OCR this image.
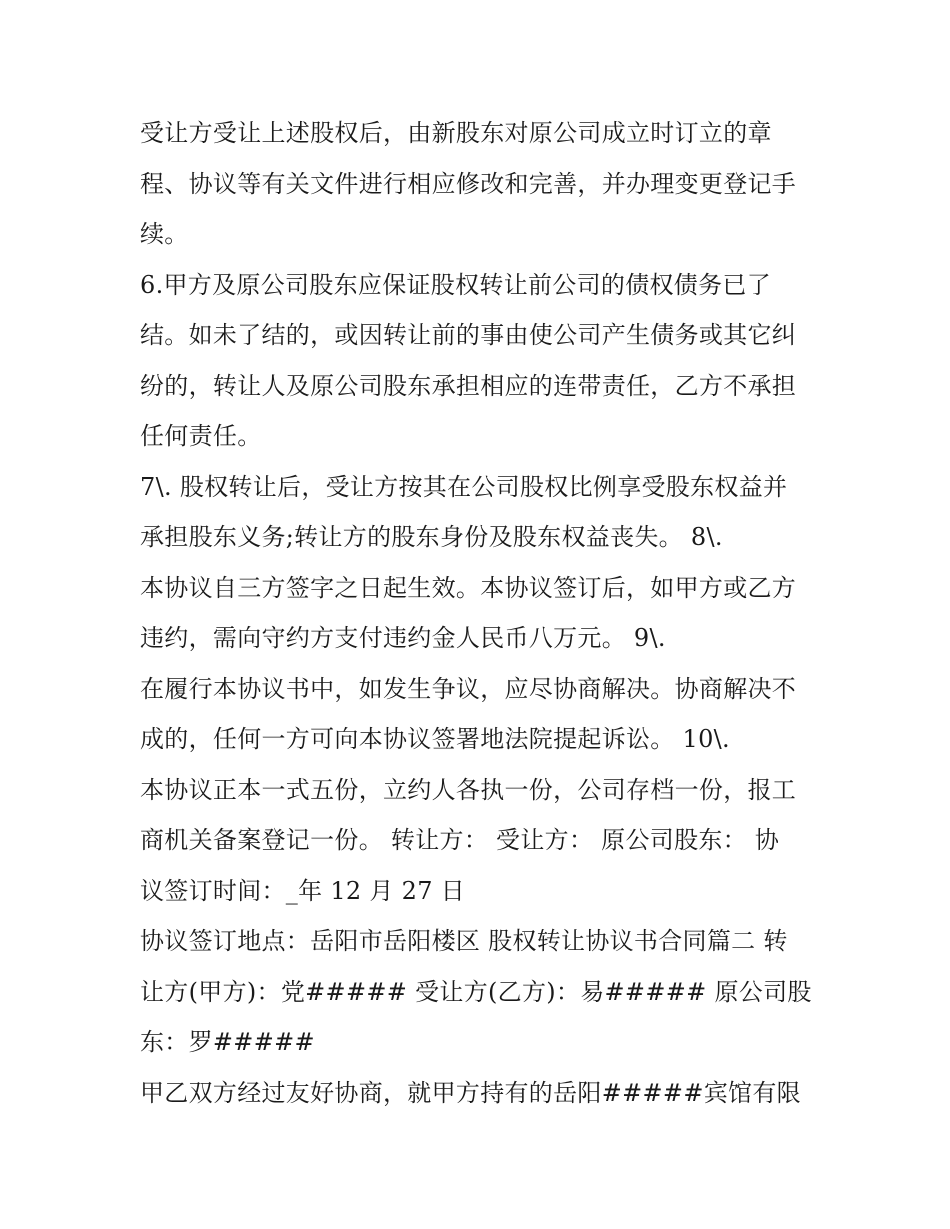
受让方受让上述股权后，由新股东对原公司成立时订立的章
程、协议等有关文件进行相应修改和完善，并办理变更登记手
续。
6.甲方及原公司股东应保证股权转让前公司的债权债务已了
结。如未了结的，或因转让前的事由使公司产生债务或其它纠
纷的，转让人及原公司股东承担相应的连带责任，乙方不承担
任何责任。
7\. 股权转让后，受让方按其在公司股权比例享受股东权益并
承担股东义务;转让方的股东身份及股东权益丧失。 8\.
本协议自三方签字之日起生效。本协议签订后，如甲方或乙方
违约，需向守约方支付违约金人民币八万元。 9\.
在履行本协议书中，如发生争议，应尽协商解决。协商解决不
成的，任何一方可向本协议签署地法院提起诉讼。 10\.
本协议正本一式五份，立约人各执一份，公司存档一份，报工
商机关备案登记一份。 转让方： 受让方： 原公司股东： 协
议签订时间：_年 12 月 27 日
协议签订地点：岳阳市岳阳楼区 股权转让协议书合同篇二 转
让方(甲方)：党##### 受让方(乙方)：易##### 原公司股
东：罗#####
甲乙双方经过友好协商，就甲方持有的岳阳#####宾馆有限
